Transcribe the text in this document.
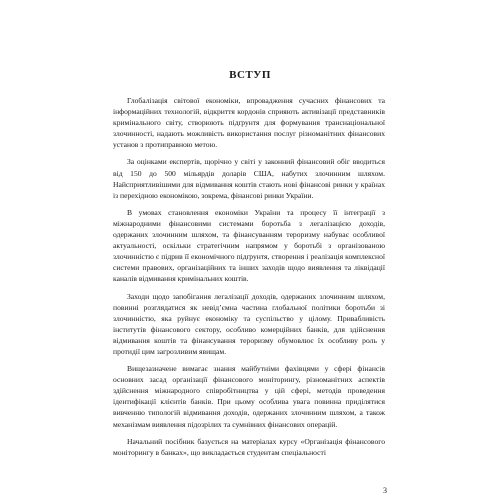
ВСТУП

Глобалізація світової економіки, впровадження сучасних фінансових та інформаційних технологій, відкриття кордонів сприяють активізації представників кримінального світу, створюють підґрунтя для формування транснаціональної злочинності, надають можливість використання послуг різноманітних фінансових установ з протиправною метою.

За оцінками експертів, щорічно у світі у законний фінансовий обіг вводиться від 150 до 500 мільярдів доларів США, набутих злочинним шляхом. Найсприятливішими для відмивання коштів стають нові фінансові ринки у країнах із перехідною економікою, зокрема, фінансові ринки України.

В умовах становлення економіки України та процесу її інтеграції з міжнародними фінансовими системами боротьба з легалізацією доходів, одержаних злочинним шляхом, та фінансуванням тероризму набуває особливої актуальності, оскільки стратегічним напрямом у боротьбі з організованою злочинністю є підрив її економічного підґрунтя, створення і реалізація комплексної системи правових, організаційних та інших заходів щодо виявлення та ліквідації каналів відмивання кримінальних коштів.

Заходи щодо запобігання легалізації доходів, одержаних злочинним шляхом, повинні розглядатися як невід’ємна частина глобальної політики боротьби зі злочинністю, яка руйнує економіку та суспільство у цілому. Привабливість інститутів фінансового сектору, особливо комерційних банків, для здійснення відмивання коштів та фінансування тероризму обумовлює їх особливу роль у протидії цим загрозливим явищам.

Вищезазначене вимагає знання майбутніми фахівцями у сфері фінансів основних засад організації фінансового моніторингу, різноманітних аспектів здійснення міжнародного співробітництва у цій сфері, методів проведення ідентифікації клієнтів банків. При цьому особлива увага повинна приділятися вивченню типологій відмивання доходів, одержаних злочинним шляхом, а також механізмам виявлення підозрілих та сумнівних фінансових операцій.

Начальний посібник базується на матеріалах курсу «Організація фінансового моніторингу в банках», що викладається студентам спеціальності

3
